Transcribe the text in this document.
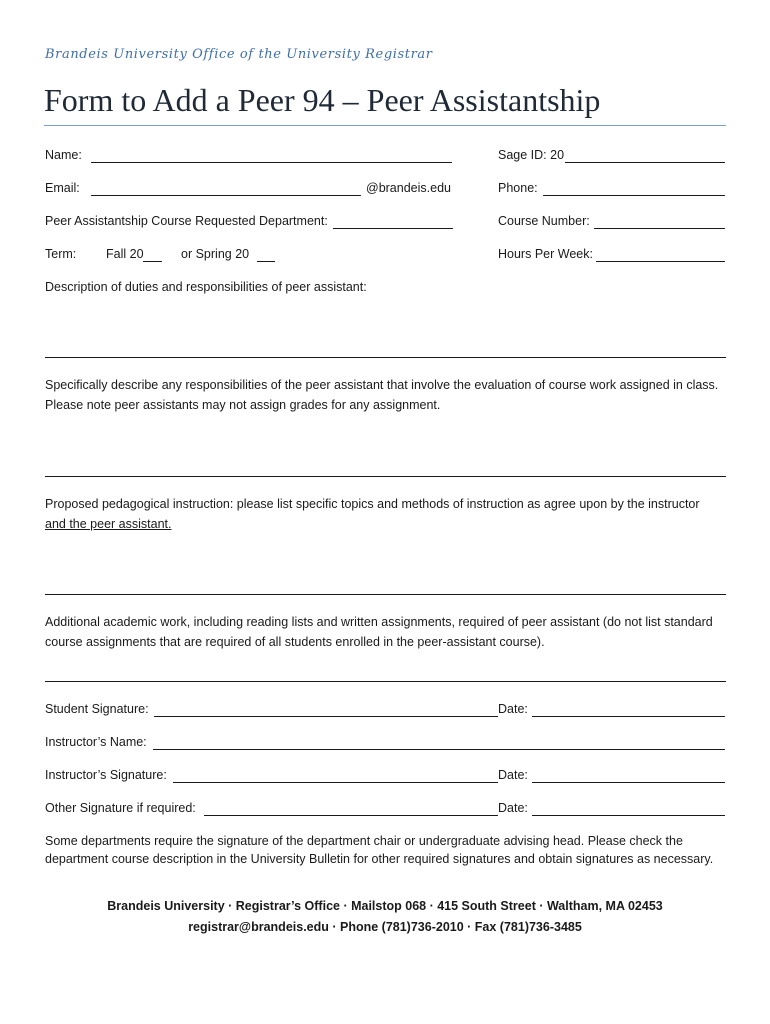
Brandeis University Office of the University Registrar
Form to Add a Peer 94 – Peer Assistantship
Name:	Sage ID: 20
Email:	@brandeis.edu	Phone:
Peer Assistantship Course Requested Department:	Course Number:
Term: Fall 20	or Spring 20	Hours Per Week:
Description of duties and responsibilities of peer assistant:
Specifically describe any responsibilities of the peer assistant that involve the evaluation of course work assigned in class. Please note peer assistants may not assign grades for any assignment.
Proposed pedagogical instruction: please list specific topics and methods of instruction as agree upon by the instructor
and the peer assistant.
Additional academic work, including reading lists and written assignments, required of peer assistant (do not list standard course assignments that are required of all students enrolled in the peer-assistant course).
Student Signature:	Date:
Instructor’s Name:
Instructor’s Signature:	Date:
Other Signature if required:	Date:
Some departments require the signature of the department chair or undergraduate advising head. Please check the department course description in the University Bulletin for other required signatures and obtain signatures as necessary.
Brandeis University · Registrar’s Office · Mailstop 068 · 415 South Street · Waltham, MA 02453
registrar@brandeis.edu · Phone (781)736-2010 · Fax (781)736-3485
